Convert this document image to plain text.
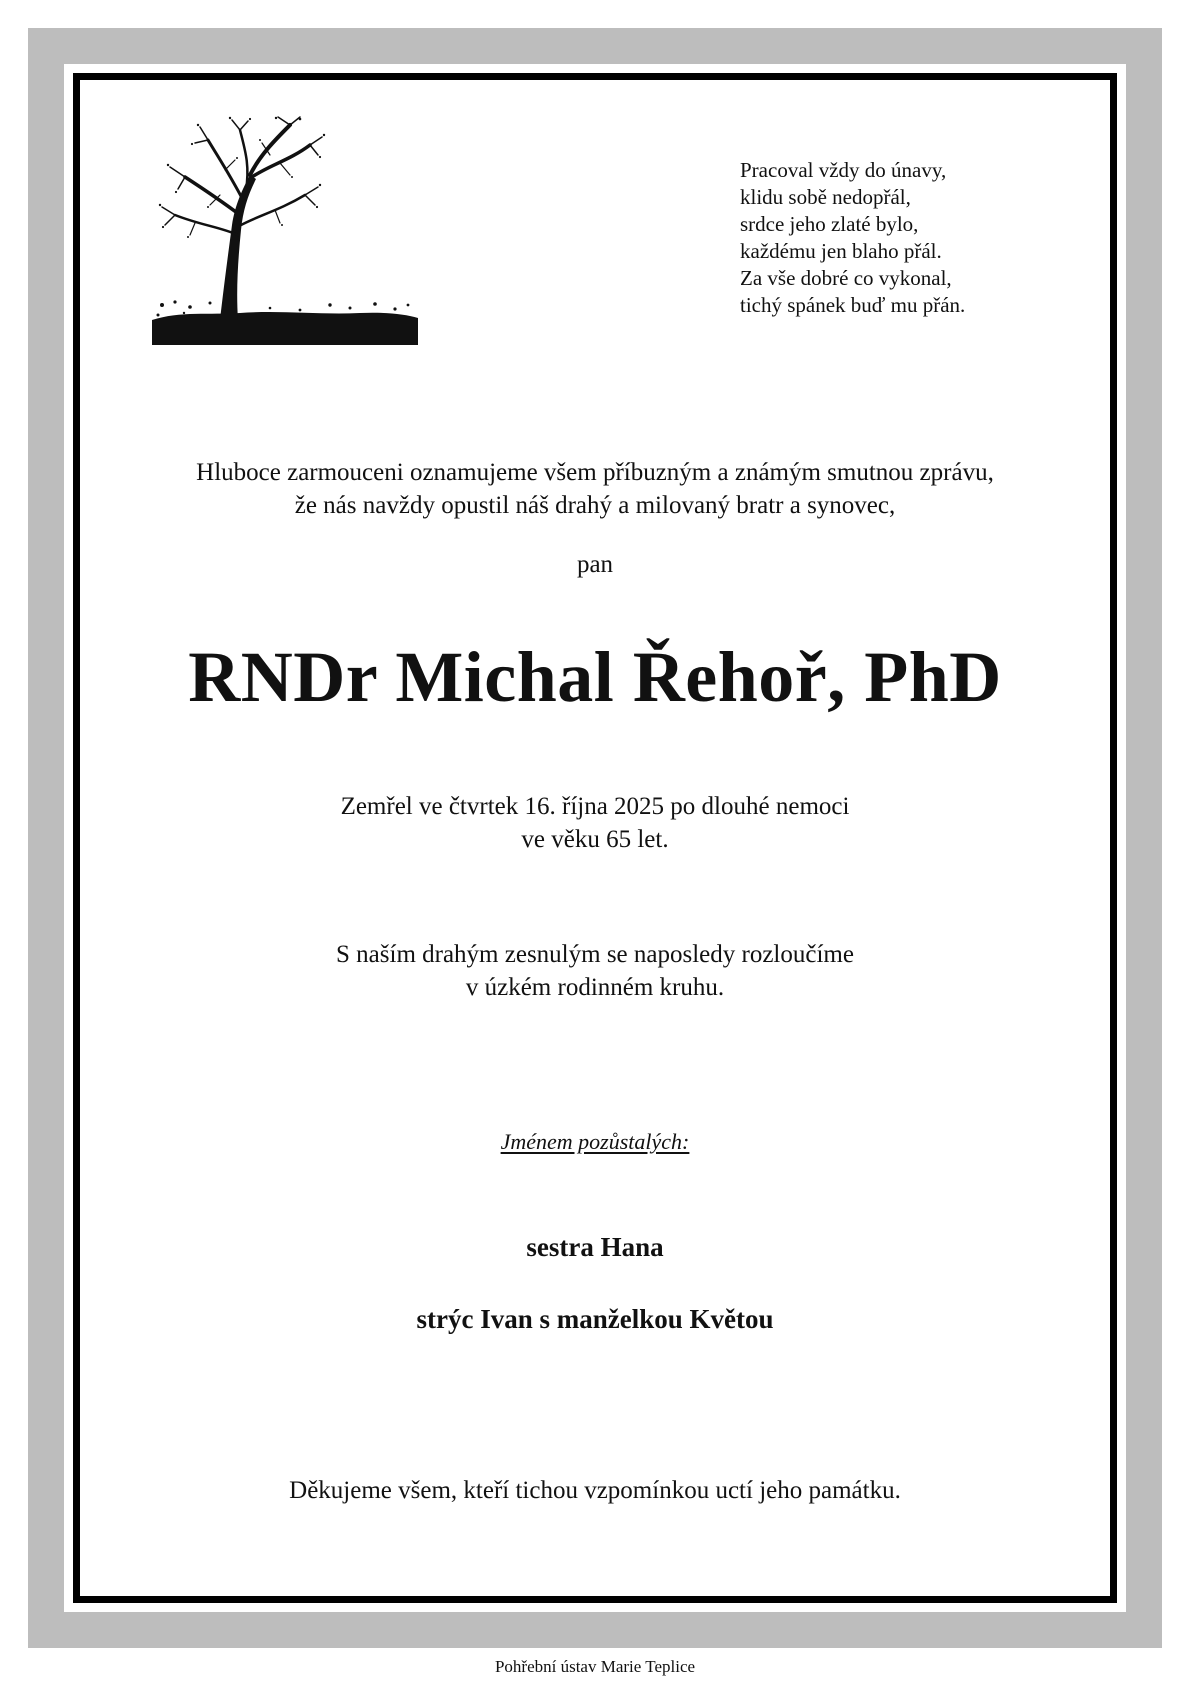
Pracoval vždy do únavy,
klidu sobě nedopřál,
srdce jeho zlaté bylo,
každému jen blaho přál.
Za vše dobré co vykonal,
tichý spánek buď mu přán.
Hluboce zarmouceni oznamujeme všem příbuzným a známým smutnou zprávu,
že nás navždy opustil náš drahý a milovaný bratr a synovec,
pan
RNDr Michal Řehoř, PhD
Zemřel ve čtvrtek 16. října 2025 po dlouhé nemoci
ve věku 65 let.
S naším drahým zesnulým se naposledy rozloučíme
v úzkém rodinném kruhu.
Jménem pozůstalých:
sestra Hana
strýc Ivan s manželkou Květou
Děkujeme všem, kteří tichou vzpomínkou uctí jeho památku.
Pohřební ústav Marie Teplice
